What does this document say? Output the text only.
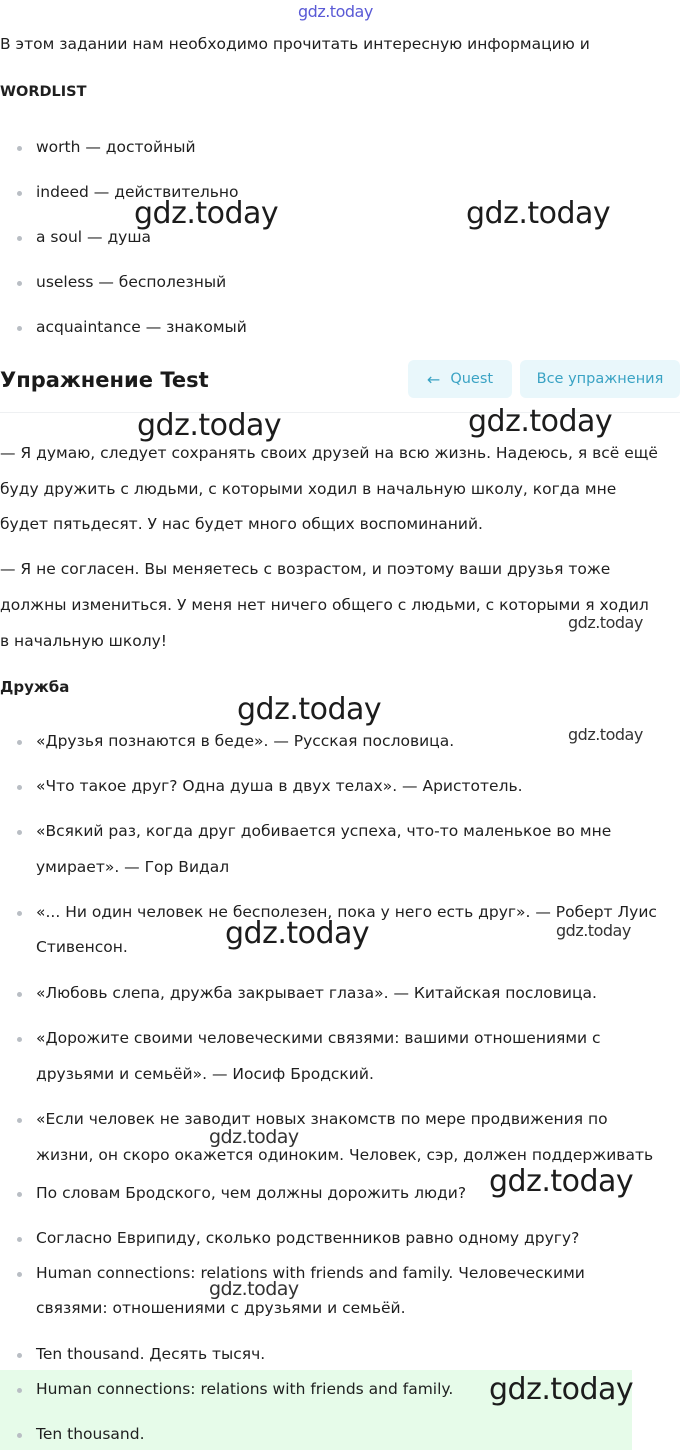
gdz.today
В этом задании нам необходимо прочитать интересную информацию и
WORDLIST
worth — достойный
indeed — действительно
a soul — душа
useless — бесполезный
acquaintance — знакомый
Упражнение Test	← Quest	Все упражнения
— Я думаю, следует сохранять своих друзей на всю жизнь. Надеюсь, я всё ещё
буду дружить с людьми, с которыми ходил в начальную школу, когда мне
будет пятьдесят. У нас будет много общих воспоминаний.
— Я не согласен. Вы меняетесь с возрастом, и поэтому ваши друзья тоже
должны измениться. У меня нет ничего общего с людьми, с которыми я ходил
в начальную школу!
Дружба
«Друзья познаются в беде». — Русская пословица.
«Что такое друг? Одна душа в двух телах». — Аристотель.
«Всякий раз, когда друг добивается успеха, что-то маленькое во мне
умирает». — Гор Видал
«... Ни один человек не бесполезен, пока у него есть друг». — Роберт Луис
Стивенсон.
«Любовь слепа, дружба закрывает глаза». — Китайская пословица.
«Дорожите своими человеческими связями: вашими отношениями с
друзьями и семьёй». — Иосиф Бродский.
«Если человек не заводит новых знакомств по мере продвижения по
жизни, он скоро окажется одиноким. Человек, сэр, должен поддерживать
По словам Бродского, чем должны дорожить люди?
Согласно Еврипиду, сколько родственников равно одному другу?
Human connections: relations with friends and family. Человеческими
связями: отношениями с друзьями и семьёй.
Ten thousand. Десять тысяч.
Human connections: relations with friends and family.
Ten thousand.
gdz.today	gdz.today
gdz.today	gdz.today
gdz.today
gdz.today
gdz.today
gdz.today	gdz.today
gdz.today
gdz.today
gdz.today
gdz.today
